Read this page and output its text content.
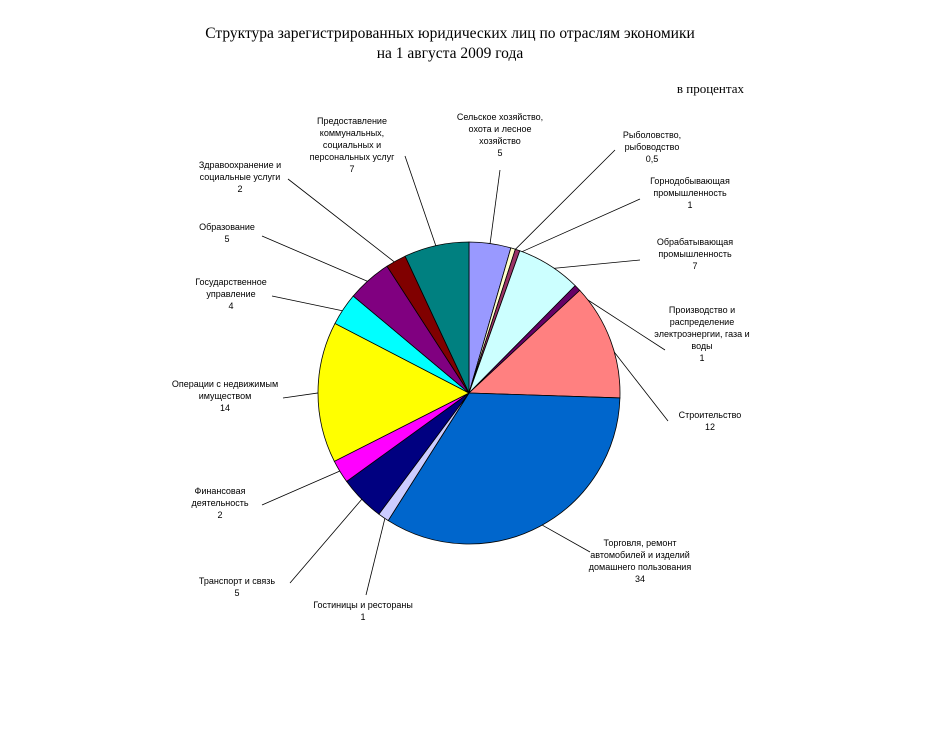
Структура зарегистрированных юридических лиц по отраслям экономики
на 1 августа 2009 года
в процентах
Сельское хозяйство,
охота и лесное
хозяйство
5
Рыболовство,
рыбоводство
0,5
Горнодобывающая
промышленность
1
Обрабатывающая
промышленность
7
Производство и
распределение
электроэнергии, газа и
воды
1
Строительство
12
Торговля, ремонт
автомобилей и изделий
домашнего пользования
34
Гостиницы и рестораны
1
Транспорт и связь
5
Финансовая
деятельность
2
Операции с недвижимым
имуществом
14
Государственное
управление
4
Образование
5
Здравоохранение и
социальные услуги
2
Предоставление
коммунальных,
социальных и
персональных услуг
7
